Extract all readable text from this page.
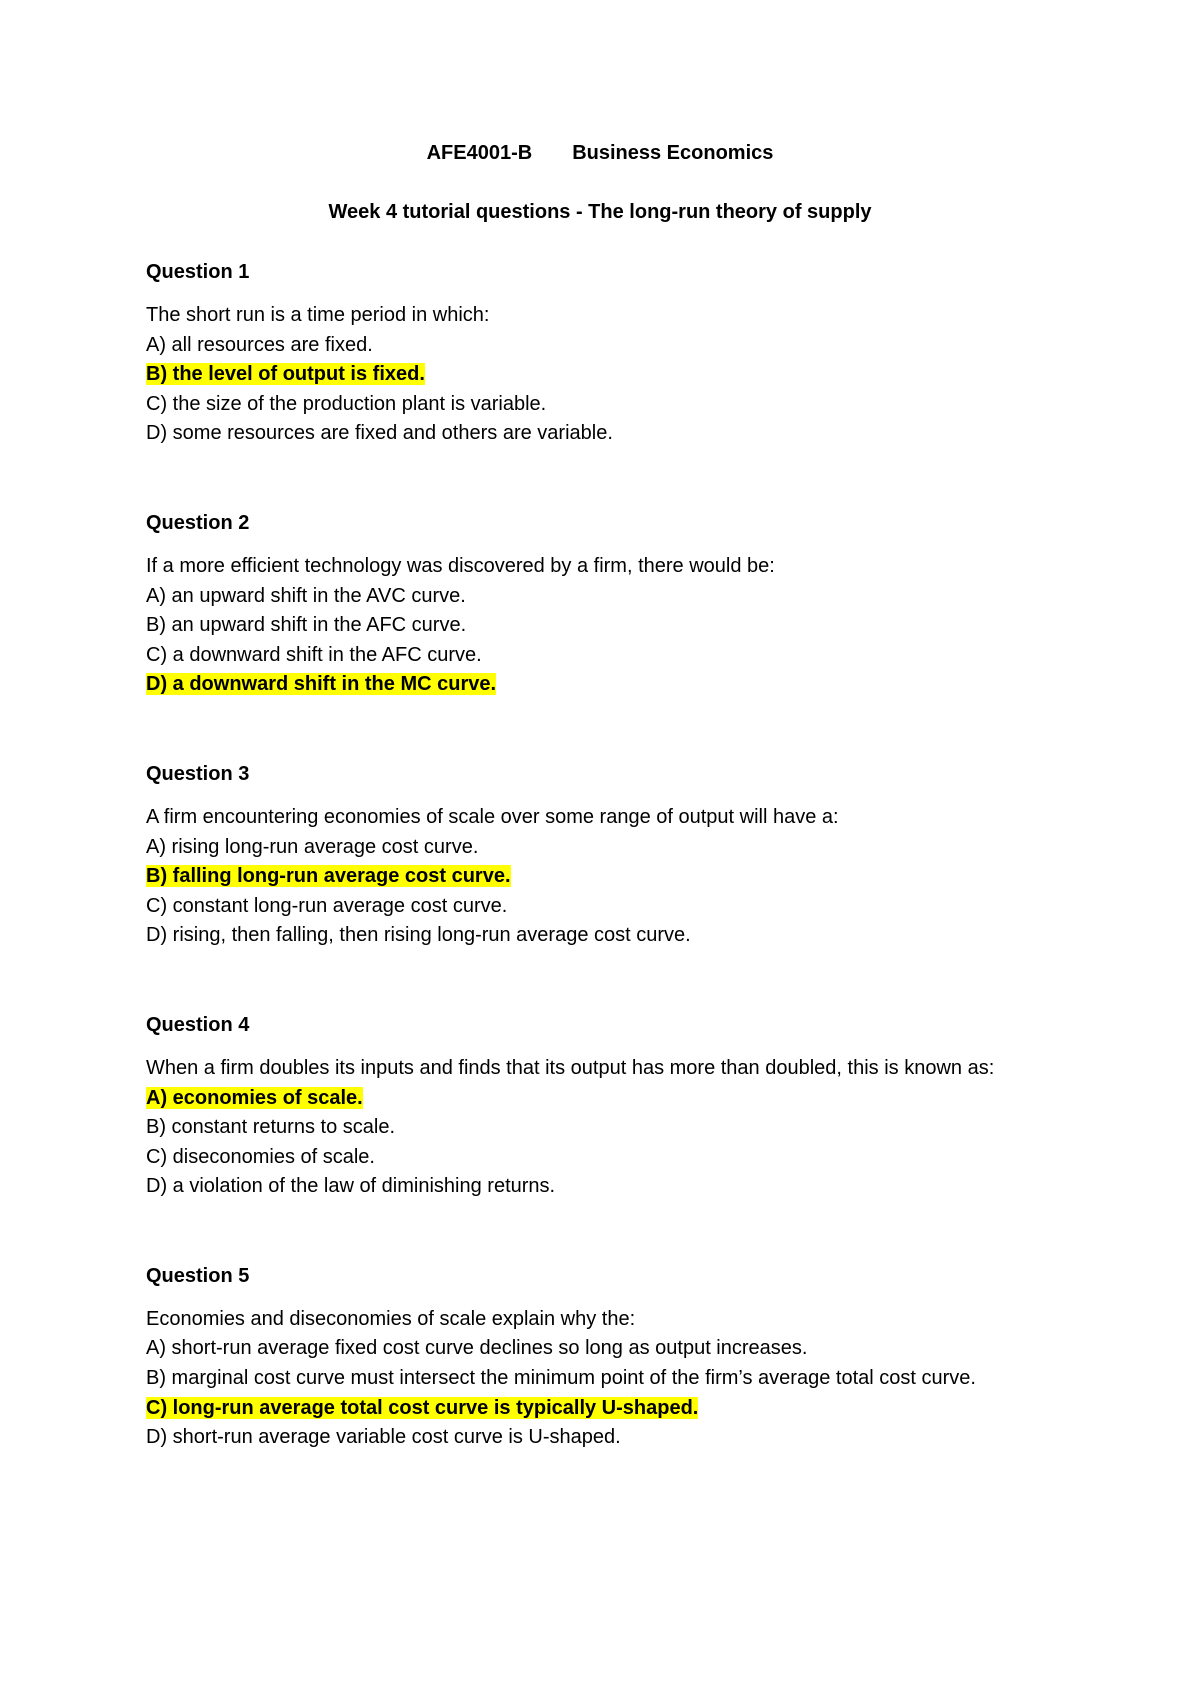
AFE4001-B Business Economics
Week 4 tutorial questions - The long-run theory of supply
Question 1
The short run is a time period in which:
A) all resources are fixed.
B) the level of output is fixed.
C) the size of the production plant is variable.
D) some resources are fixed and others are variable.
Question 2
If a more efficient technology was discovered by a firm, there would be:
A) an upward shift in the AVC curve.
B) an upward shift in the AFC curve.
C) a downward shift in the AFC curve.
D) a downward shift in the MC curve.
Question 3
A firm encountering economies of scale over some range of output will have a:
A) rising long-run average cost curve.
B) falling long-run average cost curve.
C) constant long-run average cost curve.
D) rising, then falling, then rising long-run average cost curve.
Question 4
When a firm doubles its inputs and finds that its output has more than doubled, this is known as:
A) economies of scale.
B) constant returns to scale.
C) diseconomies of scale.
D) a violation of the law of diminishing returns.
Question 5
Economies and diseconomies of scale explain why the:
A) short-run average fixed cost curve declines so long as output increases.
B) marginal cost curve must intersect the minimum point of the firm’s average total cost curve.
C) long-run average total cost curve is typically U-shaped.
D) short-run average variable cost curve is U-shaped.
